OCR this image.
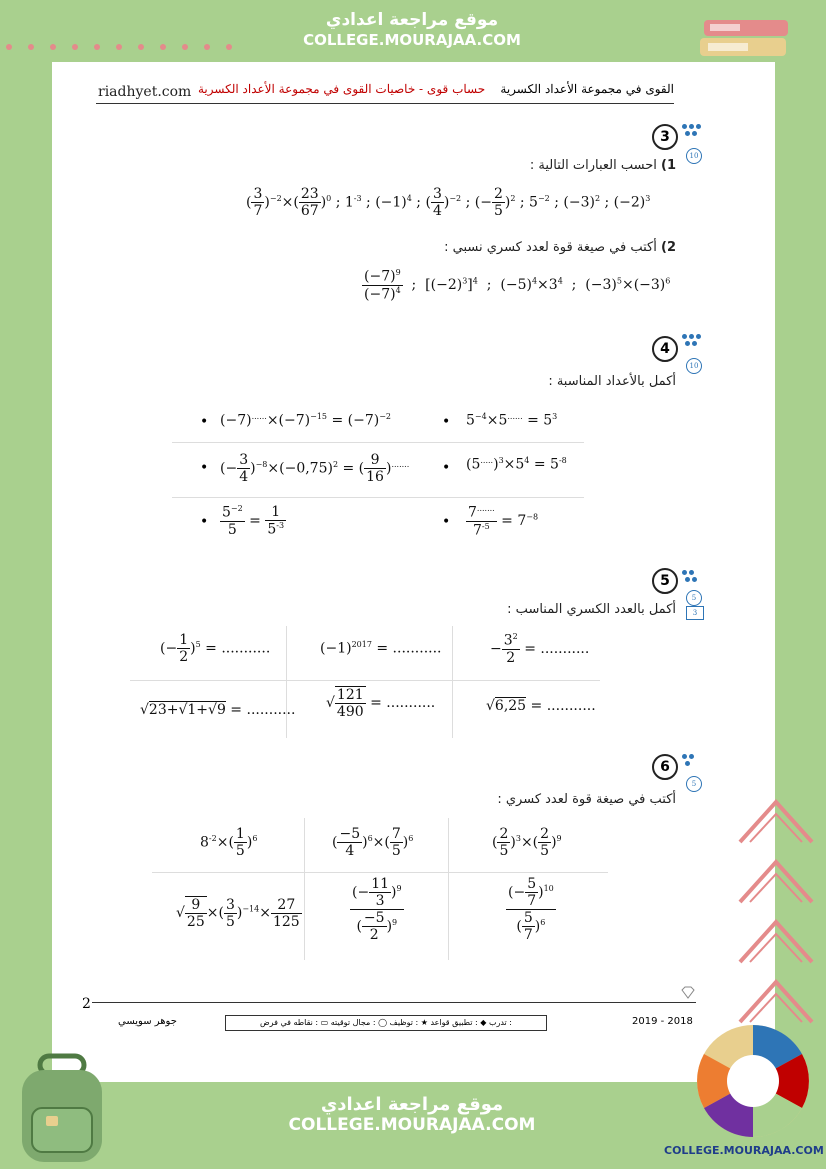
موقع مراجعة اعدادي
COLLEGE.MOURAJAA.COM
riadhyet.com	القوى في مجموعة الأعداد الكسرية    حساب قوى - خاصيات القوى في مجموعة الأعداد الكسرية
3
10
1) احسب العبارات التالية :
( $\frac{3}{7} )^{-2}\times( \frac{23}{67} )^0$ ; $1^{-3}$ ; $(-1)^4$ ; ( $\frac{3}{4} )^{-2}$ ; (− $\frac{2}{5} )^2$ ; $5^{-2}$ ; $(-3)^2$ ; $(-2)^3$
2) أكتب في صيغة قوة لعدد كسري نسبي :
$\frac{(-7)^9}{(-7)^4}$ ;  $[(-2)^3]^4$  ;  $(-5)^4\times 3^4$  ;  $(-3)^5\times(-3)^6$
4
10
أكمل بالأعداد المناسبة :
• $(-7)^{......}\times(-7)^{-15} = (-7)^{-2}$	• $5^{-4}\times 5^{......} = 5^3$
• (− $\frac{3}{4} )^{-8}\times(-0,75)^2$ = ( $\frac{9}{16} )^{.......}$ • $(5^{.....})^3\times 5^4 = 5^{-8}$
• $\frac{5^{-2}}{5} = \frac{1}{5^{-3}}$	• $\frac{7^{.......}}{7^{-5}} = 7^{-8}$
5
5
3
أكمل بالعدد الكسري المناسب :
(− $\frac{1}{2} )^5$ = ...........	$(-1)^{2017}$ = ...........	− $\frac{3^2}{2}$ = ...........
√23+√1+√9 = ........... √ $\frac{121}{490}$ = ...........	√6,25 = ...........
6
5
أكتب في صيغة قوة لعدد كسري :
$8^{-2}\times( \frac{1}{5} )^6$	( $\frac{-5}{4} )^6\times( \frac{7}{5} )^6$	( $\frac{2}{5} )^3\times( \frac{2}{5} )^9$
√ $\frac{9}{25}$ ×( $\frac{3}{5} )^{-14}\times \frac{27}{125}$	$\frac{(- \frac{11}{3} )^9}{( \frac{-5}{2} )^9}$	$\frac{(- \frac{5}{7} )^{10}}{( \frac{5}{7} )^6}$
2
جوهر سويسي	: تدرب ◆ : تطبيق قواعد ★ : توظيف ◯ : مجال توقيته ▭ : نقاطه في فرض	2019 - 2018
موقع مراجعة اعدادي
COLLEGE.MOURAJAA.COM
COLLEGE.MOURAJAA.COM
